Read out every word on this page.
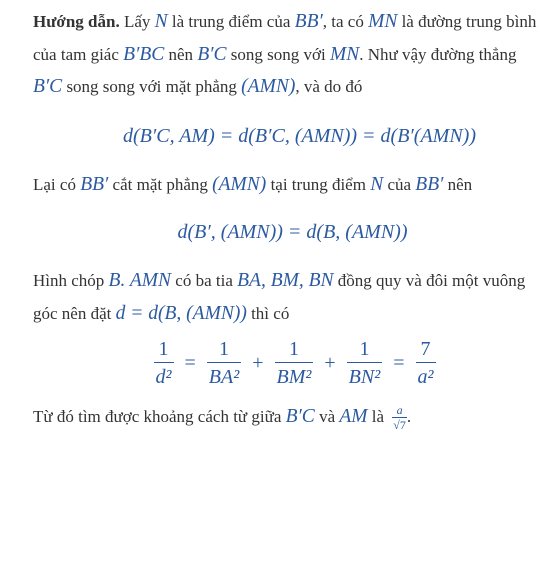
Hướng dẫn. Lấy N là trung điểm của BB′, ta có MN là đường trung bình của tam giác B′BC nên B′C song song với MN. Như vậy đường thẳng B′C song song với mặt phẳng (AMN), và do đó

d(B′C, AM) = d(B′C, (AMN)) = d(B′(AMN))

Lại có BB′ cắt mặt phẳng (AMN) tại trung điểm N của BB′ nên

d(B′, (AMN)) = d(B, (AMN))

Hình chóp B. AMN có ba tia BA, BM, BN đồng quy và đôi một vuông góc nên đặt d = d(B, (AMN)) thì có

$\frac{1}{\text{d²}} = \frac{1}{\text{BA²}} + \frac{1}{\text{BM²}} + \frac{1}{\text{BN²}} = \frac{7}{\text{a²}}$

Từ đó tìm được khoảng cách từ giữa B′C và AM là $\frac{a}{√7}$ .
